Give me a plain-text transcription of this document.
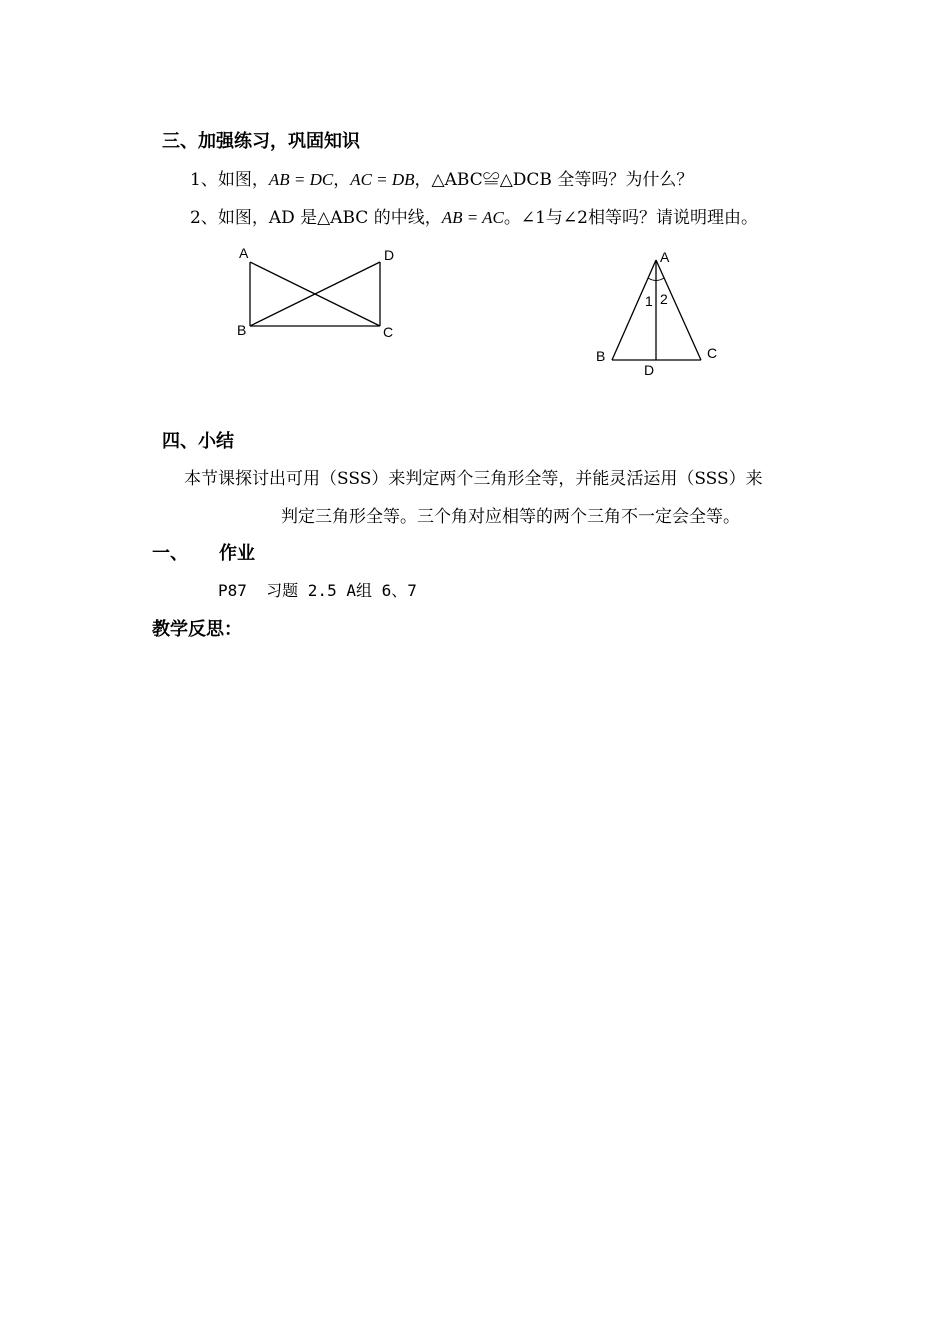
三、加强练习，巩固知识
1、如图，AB = DC，AC = DB，△ABC≌△DCB 全等吗？为什么？
2、如图，AD 是△ABC 的中线，AB = AC。∠1与∠2相等吗？请说明理由。
A	D
B	C
A
B	C
D
1 2
四、小结
本节课探讨出可用（SSS）来判定两个三角形全等，并能灵活运用（SSS）来
判定三角形全等。三个角对应相等的两个三角不一定会全等。
一、 作业
P87  习题 2.5 A组 6、7
教学反思：
